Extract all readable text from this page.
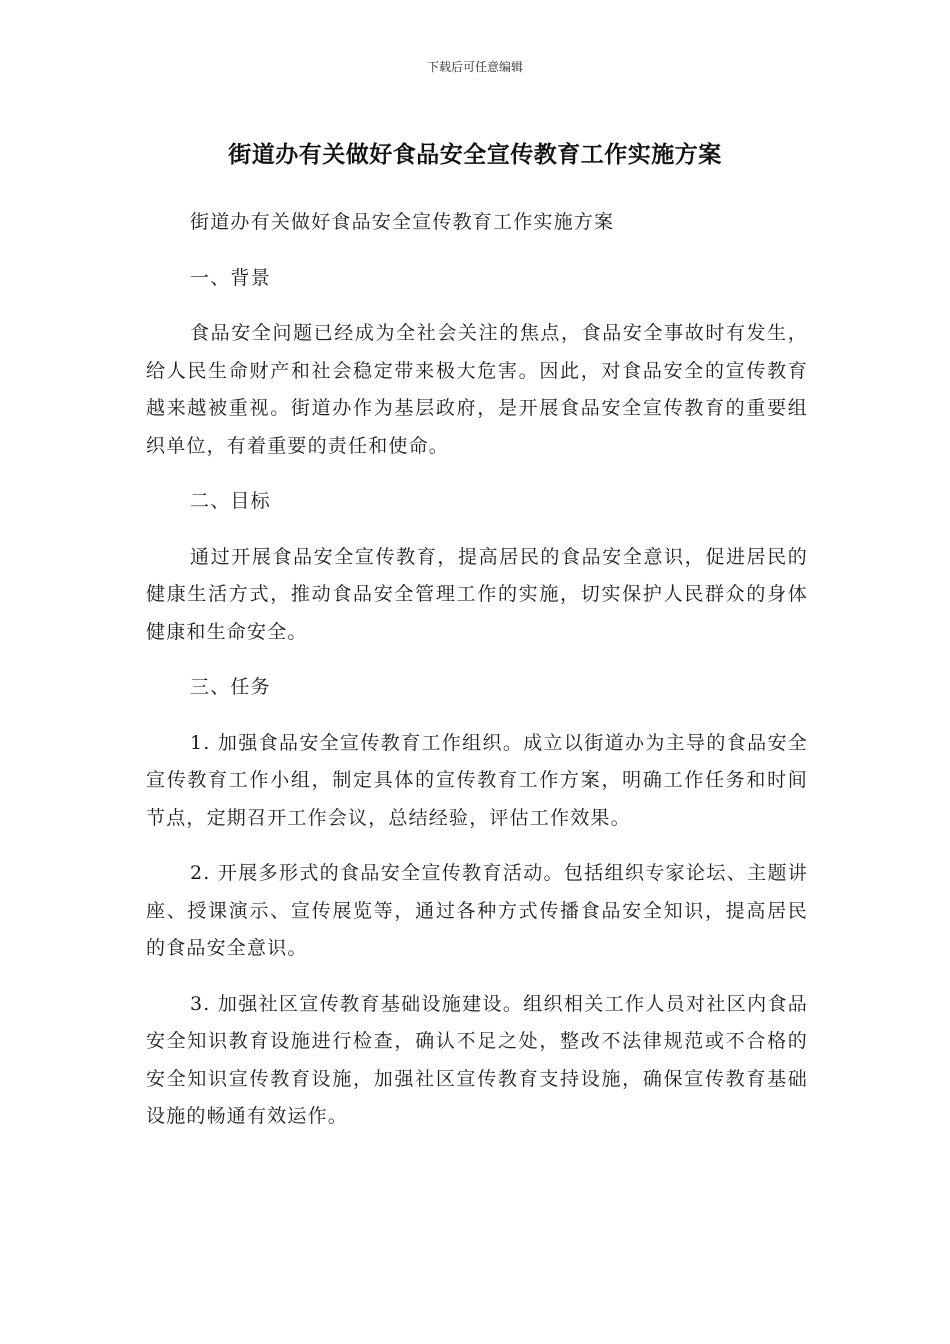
下载后可任意编辑
街道办有关做好食品安全宣传教育工作实施方案

街道办有关做好食品安全宣传教育工作实施方案

一、背景

食品安全问题已经成为全社会关注的焦点，食品安全事故时有发生，给人民生命财产和社会稳定带来极大危害。因此，对食品安全的宣传教育越来越被重视。街道办作为基层政府，是开展食品安全宣传教育的重要组织单位，有着重要的责任和使命。

二、目标

通过开展食品安全宣传教育，提高居民的食品安全意识，促进居民的健康生活方式，推动食品安全管理工作的实施，切实保护人民群众的身体健康和生命安全。

三、任务

1. 加强食品安全宣传教育工作组织。成立以街道办为主导的食品安全宣传教育工作小组，制定具体的宣传教育工作方案，明确工作任务和时间节点，定期召开工作会议，总结经验，评估工作效果。

2. 开展多形式的食品安全宣传教育活动。包括组织专家论坛、主题讲座、授课演示、宣传展览等，通过各种方式传播食品安全知识，提高居民的食品安全意识。

3. 加强社区宣传教育基础设施建设。组织相关工作人员对社区内食品安全知识教育设施进行检查，确认不足之处，整改不法律规范或不合格的安全知识宣传教育设施，加强社区宣传教育支持设施，确保宣传教育基础设施的畅通有效运作。
